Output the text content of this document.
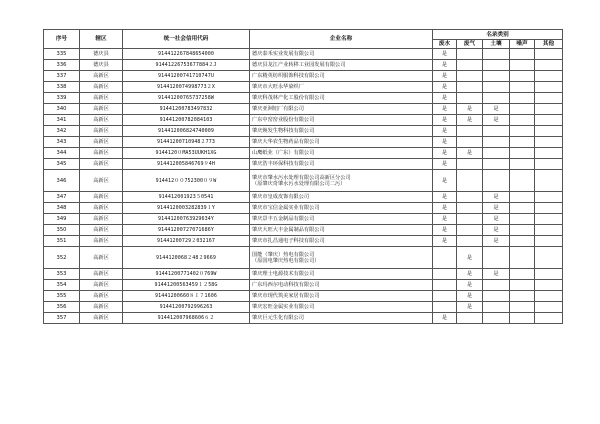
序号	辖区	统一社会信用代码	企业名称	名录类别				
				废水	废气	土壤	噪声	其他
335	德庆县	914412267848654000	德庆泰禾实业发展有限公司	是				
336	德庆县	91441226753677884２J	德庆县龙江产业转移工业园发展有限公司	是				
337	高新区	91441200741710747U	广东精英纺织服饰科技有限公司	是				
338	高新区	9144120074998773２X	肇庆市大旺永华染织厂	是				
339	高新区	91441200765737258W	肇庆科茂林产化工股份有限公司	是				
340	高新区	91441200783497832	肇庆亚洲铝厂有限公司	是	是	是		
341	高新区	91441200782084103	广东中窑窑业股份有限公司	是	是	是		
342	高新区	914412006824740009	肇庆焕发生物科技有限公司	是				
343	高新区	91441200710948２773	肇庆大华农生物药品有限公司	是				
344	高新区	9144120０MA53UUKH1XG	山鹰纸业（广东）有限公司	是	是			
345	高新区	914412005846769９4H	肇庆浩丰环保科技有限公司	是				
346	高新区	914412００752300０９W	肇庆市肇水污水处理有限公司高新区分公司
（原肇庆奇肇水污水处理有限公司二污）	是				
347	高新区	914412001923５0541	肇庆市皇成皮饰有限公司	是		是		
348	高新区	9144120003282839１Y	肇庆市宝信金属实业有限公司	是		是		
349	高新区	91441200763929634Y	肇庆景丰五金制品有限公司	是		是		
350	高新区	91441200727071686Y	肇庆大旺大丰金属制品有限公司	是		是		
351	高新区	91441200729２032167	肇庆市扎昌通电子科技有限公司	是		是		
352	高新区	9144120068２48２9669	国能（肇庆）热电有限公司
（原国电肇庆热电有限公司）		是			
353	高新区	91441200771402０769W	肇庆理士电源技术有限公司		是	是		
354	高新区	91441200563459１２58G	广东玛西尔电动科技有限公司		是			
355	高新区	91441200660８１７1606	肇庆市现代筑美家居有限公司		是			
356	高新区	91441200792996263	肇庆宏旺金属实业有限公司		是			
357	高新区	914412007968606６２	肇庆巨元生化有限公司	是				
